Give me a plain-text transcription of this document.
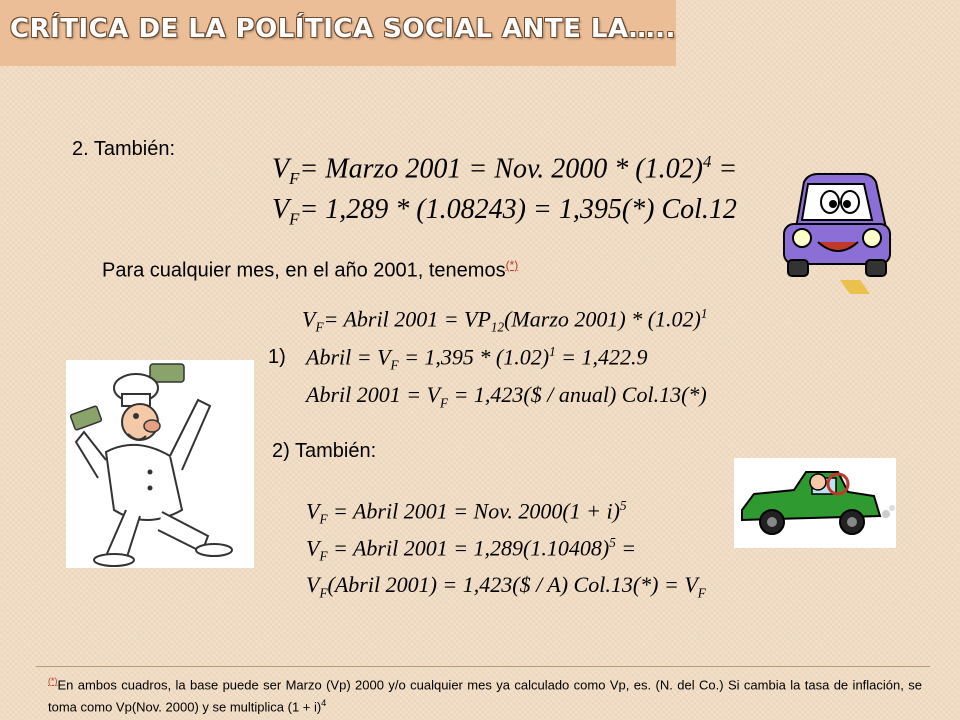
CRÍTICA DE LA POLÍTICA SOCIAL ANTE LA…..
2. También:
$V_F=$ Marzo 2001 = Nov. $2000 * (1.02)^4$ =
$V_F= 1,289 * (1.08243) = 1,395(*)$ Col.12
Para cualquier mes, en el año 2001, tenemos(*)
$V_F=$ Abril $2001 = VP_{12}(Marzo$ $2001) * (1.02)^1$
1) Abril = $V_F = 1,395 * (1.02)^1 = 1,422.9$
Abril $2001 = V_F$ = 1,423($ / anual) Col.13(*)
2) También:
$V_F$ = Abril 2001 = Nov. $2000(1 + i)^5$
$V_F$ = Abril $2001 = 1,289(1.10408)^5$ =
$V_F(Abril$ 2001) = 1,423($ / A) $Col.13(*) = V_F$
(*)En ambos cuadros, la base puede ser Marzo (Vp) 2000 y/o cualquier mes ya calculado como Vp, es. (N. del Co.) Si cambia la tasa de inflación, se toma como Vp(Nov. 2000) y se multiplica $(1 + i)^4$
